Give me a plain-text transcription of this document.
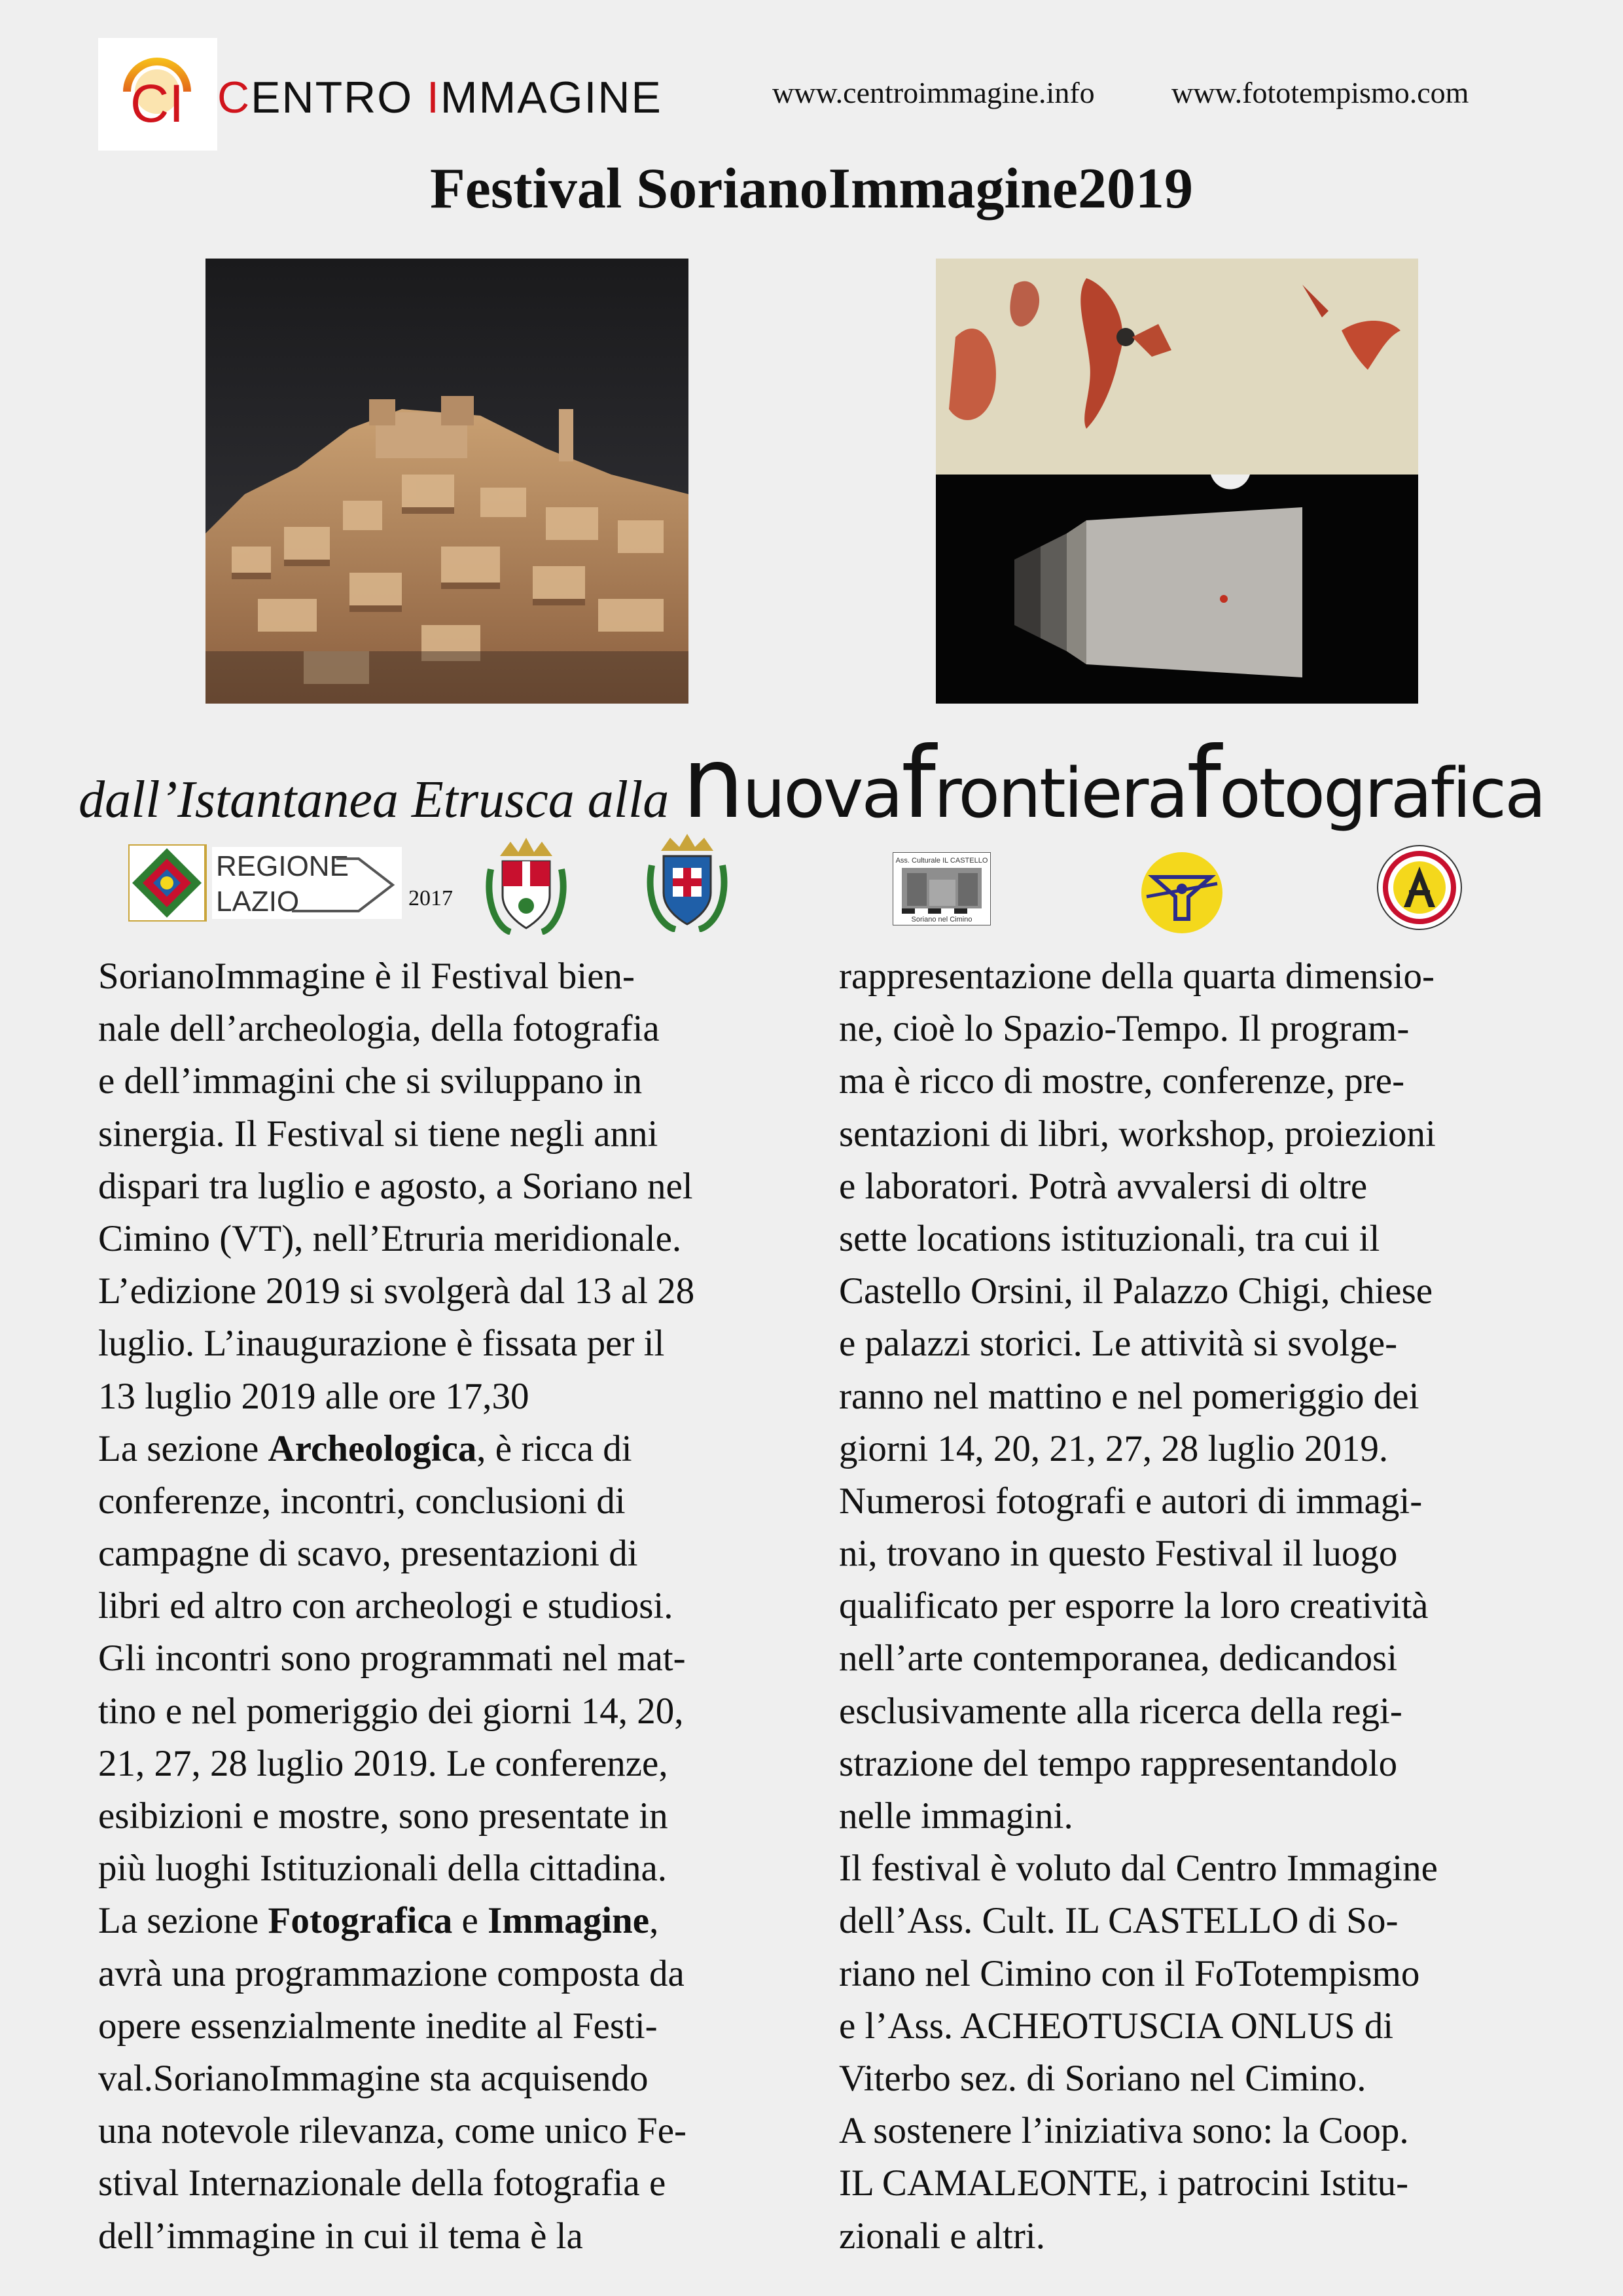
CI CENTRO IMMAGINE	www.centroimmagine.info	www.fototempismo.com
Festival SorianoImmagine2019
dall’Istantanea Etrusca alla nuovafrontierafotografica
REGIONE
LAZIO	2017
Ass. Culturale IL CASTELLO
Soriano nel Cimino
SorianoImmagine è il Festival bien-
nale dell’archeologia, della fotografia
e dell’immagini che si sviluppano in
sinergia. Il Festival si tiene negli anni
dispari tra luglio e agosto, a Soriano nel
Cimino (VT), nell’Etruria meridionale.
L’edizione 2019 si svolgerà dal 13 al 28
luglio. L’inaugurazione è fissata per il
13 luglio 2019 alle ore 17,30
La sezione Archeologica, è ricca di
conferenze, incontri, conclusioni di
campagne di scavo, presentazioni di
libri ed altro con archeologi e studiosi.
Gli incontri sono programmati nel mat-
tino e nel pomeriggio dei giorni 14, 20,
21, 27, 28 luglio 2019. Le conferenze,
esibizioni e mostre, sono presentate in
più luoghi Istituzionali della cittadina.
La sezione Fotografica e Immagine,
avrà una programmazione composta da
opere essenzialmente inedite al Festi-
val.SorianoImmagine sta acquisendo
una notevole rilevanza, come unico Fe-
stival Internazionale della fotografia e
dell’immagine in cui il tema è la
rappresentazione della quarta dimensio-
ne, cioè lo Spazio-Tempo. Il program-
ma è ricco di mostre, conferenze, pre-
sentazioni di libri, workshop, proiezioni
e laboratori. Potrà avvalersi di oltre
sette locations istituzionali, tra cui il
Castello Orsini, il Palazzo Chigi, chiese
e palazzi storici. Le attività si svolge-
ranno nel mattino e nel pomeriggio dei
giorni 14, 20, 21, 27, 28 luglio 2019.
Numerosi fotografi e autori di immagi-
ni, trovano in questo Festival il luogo
qualificato per esporre la loro creatività
nell’arte contemporanea, dedicandosi
esclusivamente alla ricerca della regi-
strazione del tempo rappresentandolo
nelle immagini.
Il festival è voluto dal Centro Immagine
dell’Ass. Cult. IL CASTELLO di So-
riano nel Cimino con il FoTotempismo
e l’Ass. ACHEOTUSCIA ONLUS di
Viterbo sez. di Soriano nel Cimino.
A sostenere l’iniziativa sono: la Coop.
IL CAMALEONTE, i patrocini Istitu-
zionali e altri.
